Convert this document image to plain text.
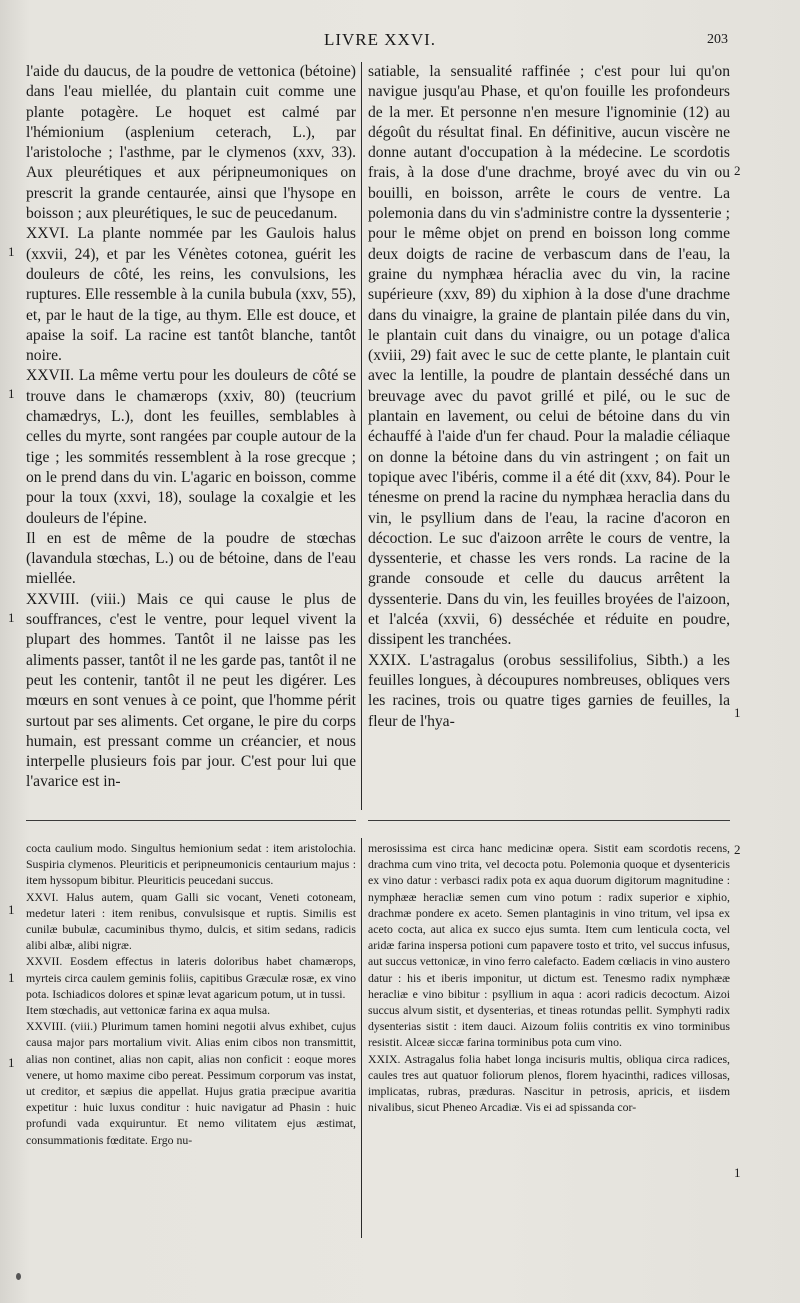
LIVRE XXVI.	203

l'aide du daucus, de la poudre de vettonica (bétoine) dans l'eau miellée, du plantain cuit comme une plante potagère. Le hoquet est calmé par l'hémionium (asplenium ceterach, L.), par l'aristoloche ; l'asthme, par le clymenos (xxv, 33). Aux pleurétiques et aux péripneumoniques on prescrit la grande centaurée, ainsi que l'hysope en boisson ; aux pleurétiques, le suc de peucedanum.

XXVI. La plante nommée par les Gaulois halus (xxvii, 24), et par les Vénètes cotonea, guérit les douleurs de côté, les reins, les convulsions, les ruptures. Elle ressemble à la cunila bubula (xxv, 55), et, par le haut de la tige, au thym. Elle est douce, et apaise la soif. La racine est tantôt blanche, tantôt noire.

XXVII. La même vertu pour les douleurs de côté se trouve dans le chamærops (xxiv, 80) (teucrium chamædrys, L.), dont les feuilles, semblables à celles du myrte, sont rangées par couple autour de la tige ; les sommités ressemblent à la rose grecque ; on le prend dans du vin. L'agaric en boisson, comme pour la toux (xxvi, 18), soulage la coxalgie et les douleurs de l'épine.

Il en est de même de la poudre de stœchas (lavandula stœchas, L.) ou de bétoine, dans de l'eau miellée.

XXVIII. (viii.) Mais ce qui cause le plus de souffrances, c'est le ventre, pour lequel vivent la plupart des hommes. Tantôt il ne laisse pas les aliments passer, tantôt il ne les garde pas, tantôt il ne peut les contenir, tantôt il ne peut les digérer. Les mœurs en sont venues à ce point, que l'homme périt surtout par ses aliments. Cet organe, le pire du corps humain, est pressant comme un créancier, et nous interpelle plusieurs fois par jour. C'est pour lui que l'avarice est in-

satiable, la sensualité raffinée ; c'est pour lui qu'on navigue jusqu'au Phase, et qu'on fouille les profondeurs de la mer. Et personne n'en mesure l'ignominie (12) au dégoût du résultat final. En définitive, aucun viscère ne donne autant d'occupation à la médecine. Le scordotis frais, à la dose d'une drachme, broyé avec du vin ou bouilli, en boisson, arrête le cours de ventre. La polemonia dans du vin s'administre contre la dyssenterie ; pour le même objet on prend en boisson long comme deux doigts de racine de verbascum dans de l'eau, la graine du nymphæa héraclia avec du vin, la racine supérieure (xxv, 89) du xiphion à la dose d'une drachme dans du vinaigre, la graine de plantain pilée dans du vin, le plantain cuit dans du vinaigre, ou un potage d'alica (xviii, 29) fait avec le suc de cette plante, le plantain cuit avec la lentille, la poudre de plantain desséché dans un breuvage avec du pavot grillé et pilé, ou le suc de plantain en lavement, ou celui de bétoine dans du vin échauffé à l'aide d'un fer chaud. Pour la maladie céliaque on donne la bétoine dans du vin astringent ; on fait un topique avec l'ibéris, comme il a été dit (xxv, 84). Pour le ténesme on prend la racine du nymphæa heraclia dans du vin, le psyllium dans de l'eau, la racine d'acoron en décoction. Le suc d'aizoon arrête le cours de ventre, la dyssenterie, et chasse les vers ronds. La racine de la grande consoude et celle du daucus arrêtent la dyssenterie. Dans du vin, les feuilles broyées de l'aizoon, et l'alcéa (xxvii, 6) desséchée et réduite en poudre, dissipent les tranchées.

XXIX. L'astragalus (orobus sessilifolius, Sibth.) a les feuilles longues, à découpures nombreuses, obliques vers les racines, trois ou quatre tiges garnies de feuilles, la fleur de l'hya-

cocta caulium modo. Singultus hemionium sedat : item aristolochia. Suspiria clymenos. Pleuriticis et peripneumonicis centaurium majus : item hyssopum bibitur. Pleuriticis peucedani succus.

XXVI. Halus autem, quam Galli sic vocant, Veneti cotoneam, medetur lateri : item renibus, convulsisque et ruptis. Similis est cunilæ bubulæ, cacuminibus thymo, dulcis, et sitim sedans, radicis alibi albæ, alibi nigræ.

XXVII. Eosdem effectus in lateris doloribus habet chamærops, myrteis circa caulem geminis foliis, capitibus Græculæ rosæ, ex vino pota. Ischiadicos dolores et spinæ levat agaricum potum, ut in tussi.

Item stœchadis, aut vettonicæ farina ex aqua mulsa.

XXVIII. (viii.) Plurimum tamen homini negotii alvus exhibet, cujus causa major pars mortalium vivit. Alias enim cibos non transmittit, alias non continet, alias non capit, alias non conficit : eoque mores venere, ut homo maxime cibo pereat. Pessimum corporum vas instat, ut creditor, et sæpius die appellat. Hujus gratia præcipue avaritia expetitur : huic luxus conditur : huic navigatur ad Phasin : huic profundi vada exquiruntur. Et nemo vilitatem ejus æstimat, consummationis fœditate. Ergo nu-

merosissima est circa hanc medicinæ opera. Sistit eam scordotis recens, drachma cum vino trita, vel decocta potu. Polemonia quoque et dysentericis ex vino datur : verbasci radix pota ex aqua duorum digitorum magnitudine : nymphææ heracliæ semen cum vino potum : radix superior e xiphio, drachmæ pondere ex aceto. Semen plantaginis in vino tritum, vel ipsa ex aceto cocta, aut alica ex succo ejus sumta. Item cum lenticula cocta, vel aridæ farina inspersa potioni cum papavere tosto et trito, vel succus infusus, aut succus vettonicæ, in vino ferro calefacto. Eadem cœliacis in vino austero datur : his et iberis imponitur, ut dictum est. Tenesmo radix nymphææ heracliæ e vino bibitur : psyllium in aqua : acori radicis decoctum. Aizoi succus alvum sistit, et dysenterias, et tineas rotundas pellit. Symphyti radix dysenterias sistit : item dauci. Aizoum foliis contritis ex vino torminibus resistit. Alceæ siccæ farina torminibus pota cum vino.

XXIX. Astragalus folia habet longa incisuris multis, obliqua circa radices, caules tres aut quatuor foliorum plenos, florem hyacinthi, radices villosas, implicatas, rubras, præduras. Nascitur in petrosis, apricis, et iisdem nivalibus, sicut Pheneo Arcadiæ. Vis ei ad spissanda cor-

1
1
1
2
1
1
1
1
2
1
